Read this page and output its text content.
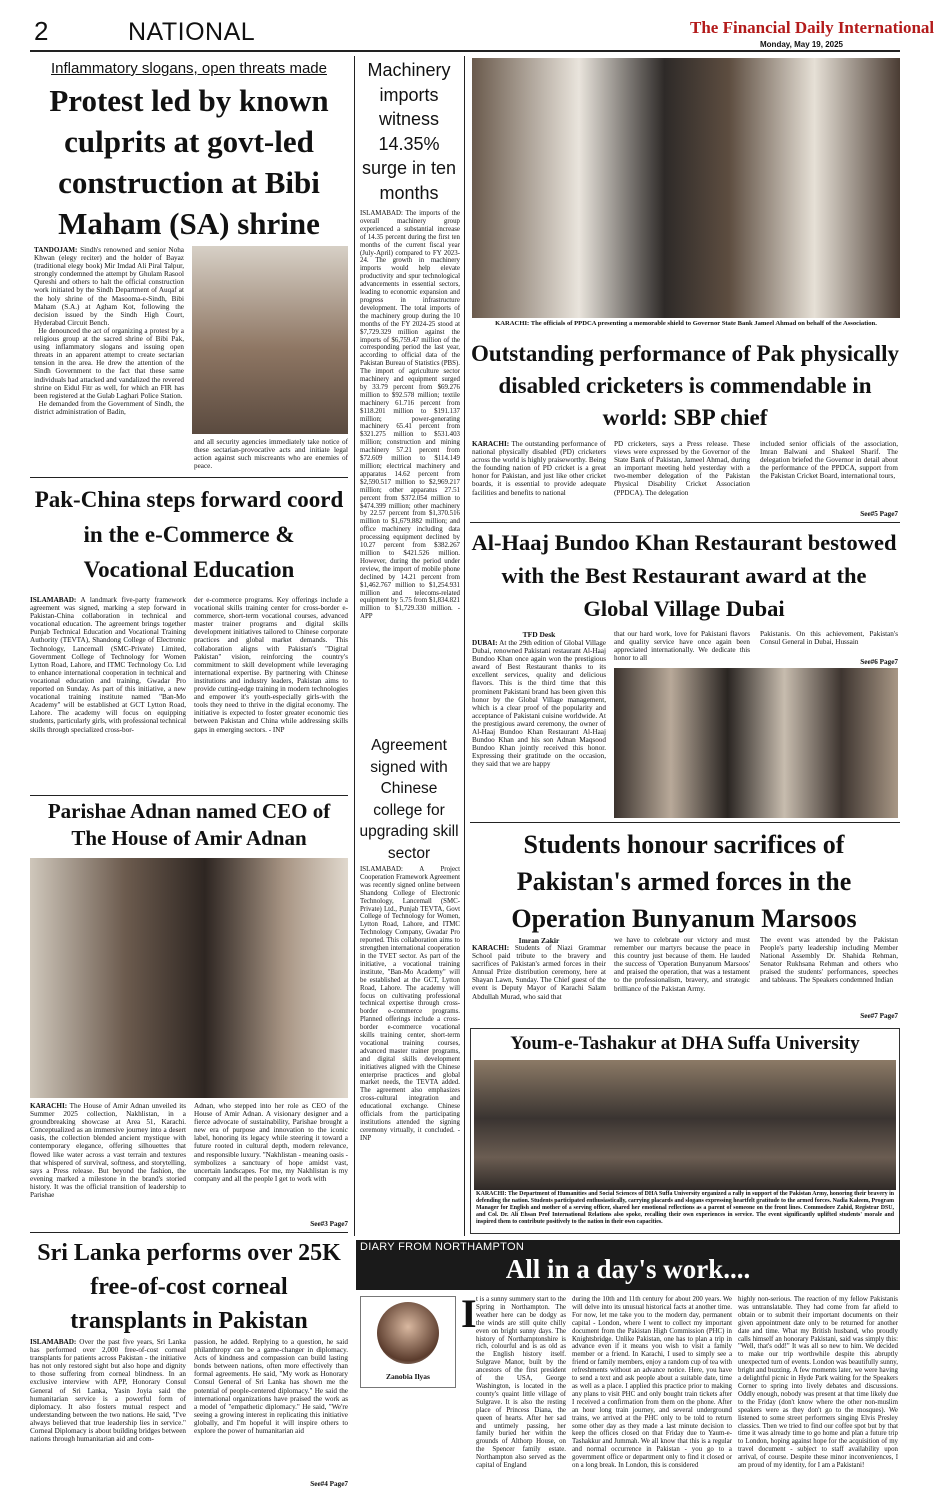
2	NATIONAL	The Financial Daily International
Monday, May 19, 2025
Inflammatory slogans, open threats made
Protest led by known culprits at govt-led construction at Bibi Maham (SA) shrine
TANDOJAM: Sindh's renowned and senior Noha Khwan (elegy reciter) and the holder of Bayaz (traditional elegy book) Mir Imdad Ali Piral Talpur, strongly condemned the attempt by Ghulam Rasool Qureshi and others to halt the official construction work initiated by the Sindh Department of Auqaf at the holy shrine of the Masooma-e-Sindh, Bibi Maham (S.A.) at Agham Kot, following the decision issued by the Sindh High Court, Hyderabad Circuit Bench.
He denounced the act of organizing a protest by a religious group at the sacred shrine of Bibi Pak, using inflammatory slogans and issuing open threats in an apparent attempt to create sectarian tension in the area. He drew the attention of the Sindh Government to the fact that these same individuals had attacked and vandalized the revered shrine on Eidul Fitr as well, for which an FIR has been registered at the Gulab Laghari Police Station.
He demanded from the Government of Sindh, the district administration of Badin,
and all security agencies immediately take notice of these sectarian-provocative acts and initiate legal action against such miscreants who are enemies of peace.
Pak-China steps forward coord in the e-Commerce & Vocational Education
ISLAMABAD: A landmark five-party framework agreement was signed, marking a step forward in Pakistan-China collaboration in technical and vocational education. The agreement brings together Punjab Technical Education and Vocational Training Authority (TEVTA), Shandong College of Electronic Technology, Lancemall (SMC-Private) Limited, Government College of Technology for Women Lytton Road, Lahore, and ITMC Technology Co. Ltd to enhance international cooperation in technical and vocational education and training, Gwadar Pro reported on Sunday. As part of this initiative, a new vocational training institute named "Ban-Mo Academy" will be established at GCT Lytton Road, Lahore. The academy will focus on equipping students, particularly girls, with professional technical skills through specialized cross-bor-
der e-commerce programs. Key offerings include a vocational skills training center for cross-border e-commerce, short-term vocational courses, advanced master trainer programs and digital skills development initiatives tailored to Chinese corporate practices and global market demands. This collaboration aligns with Pakistan's "Digital Pakistan" vision, reinforcing the country's commitment to skill development while leveraging international expertise. By partnering with Chinese institutions and industry leaders, Pakistan aims to provide cutting-edge training in modern technologies and empower it's youth-especially girls-with the tools they need to thrive in the digital economy. The initiative is expected to foster greater economic ties between Pakistan and China while addressing skills gaps in emerging sectors. - INP
Parishae Adnan named CEO of The House of Amir Adnan
KARACHI: The House of Amir Adnan unveiled its Summer 2025 collection, Nakhlistan, in a groundbreaking showcase at Area 51, Karachi. Conceptualized as an immersive journey into a desert oasis, the collection blended ancient mystique with contemporary elegance, offering silhouettes that flowed like water across a vast terrain and textures that whispered of survival, softness, and storytelling, says a Press release. But beyond the fashion, the evening marked a milestone in the brand's storied history. It was the official transition of leadership to Parishae
Adnan, who stepped into her role as CEO of the House of Amir Adnan. A visionary designer and a fierce advocate of sustainability, Parishae brought a new era of purpose and innovation to the iconic label, honoring its legacy while steering it toward a future rooted in cultural depth, modern relevance, and responsible luxury. "Nakhlistan - meaning oasis - symbolizes a sanctuary of hope amidst vast, uncertain landscapes. For me, my Nakhlistan is my company and all the people I get to work with
See#3 Page7
Sri Lanka performs over 25K free-of-cost corneal transplants in Pakistan
ISLAMABAD: Over the past five years, Sri Lanka has performed over 2,000 free-of-cost corneal transplants for patients across Pakistan - the initiative has not only restored sight but also hope and dignity to those suffering from corneal blindness. In an exclusive interview with APP, Honorary Consul General of Sri Lanka, Yasin Joyia said the humanitarian service is a powerful form of diplomacy. It also fosters mutual respect and understanding between the two nations. He said, "I've always believed that true leadership lies in service." Corneal Diplomacy is about building bridges between nations through humanitarian aid and com-
passion, he added. Replying to a question, he said philanthropy can be a game-changer in diplomacy. Acts of kindness and compassion can build lasting bonds between nations, often more effectively than formal agreements. He said, "My work as Honorary Consul General of Sri Lanka has shown me the potential of people-centered diplomacy." He said the international organizations have praised the work as a model of "empathetic diplomacy." He said, "We're seeing a growing interest in replicating this initiative globally, and I'm hopeful it will inspire others to explore the power of humanitarian aid
See#4 Page7
Machinery imports witness 14.35% surge in ten months
ISLAMABAD: The imports of the overall machinery group experienced a substantial increase of 14.35 percent during the first ten months of the current fiscal year (July-April) compared to FY 2023-24. The growth in machinery imports would help elevate productivity and spur technological advancements in essential sectors, leading to economic expansion and progress in infrastructure development. The total imports of the machinery group during the 10 months of the FY 2024-25 stood at $7,729.329 million against the imports of $6,759.47 million of the corresponding period the last year, according to official data of the Pakistan Bureau of Statistics (PBS). The import of agriculture sector machinery and equipment surged by 33.79 percent from $69.276 million to $92.578 million; textile machinery 61.716 percent from $118.201 million to $191.137 million; power-generating machinery 65.41 percent from $321.275 million to $531.403 million; construction and mining machinery 57.21 percent from $72.609 million to $114.149 million; electrical machinery and apparatus 14.62 percent from $2,590.517 million to $2,969.217 million; other apparatus 27.51 percent from $372.054 million to $474.399 million; other machinery by 22.57 percent from $1,370.516 million to $1,679.882 million; and office machinery including data processing equipment declined by 10.27 percent from $382.267 million to $421.526 million. However, during the period under review, the import of mobile phone declined by 14.21 percent from $1,462.767 million to $1,254.931 million and telecoms-related equipment by 5.75 from $1,834.821 million to $1,729.330 million. - APP
Agreement signed with Chinese college for upgrading skill sector
ISLAMABAD: A Project Cooperation Framework Agreement was recently signed online between Shandong College of Electronic Technology, Lancemall (SMC-Private) Ltd., Punjab TEVTA, Govt College of Technology for Women, Lytton Road, Lahore, and ITMC Technology Company, Gwadar Pro reported. This collaboration aims to strengthen international cooperation in the TVET sector. As part of the initiative, a vocational training institute, "Ban-Mo Academy" will be established at the GCT, Lytton Road, Lahore. The academy will focus on cultivating professional technical expertise through cross-border e-commerce programs. Planned offerings include a cross-border e-commerce vocational skills training center, short-term vocational training courses, advanced master trainer programs, and digital skills development initiatives aligned with the Chinese enterprise practices and global market needs, the TEVTA added. The agreement also emphasizes cross-cultural integration and educational exchange. Chinese officials from the participating institutions attended the signing ceremony virtually, it concluded. - INP
KARACHI: The officials of PPDCA presenting a memorable shield to Governor State Bank Jameel Ahmad on behalf of the Association.
Outstanding performance of Pak physically disabled cricketers is commendable in world: SBP chief
KARACHI: The outstanding performance of national physically disabled (PD) cricketers across the world is highly praiseworthy. Being the founding nation of PD cricket is a great honor for Pakistan, and just like other cricket boards, it is essential to provide adequate facilities and benefits to national
PD cricketers, says a Press release. These views were expressed by the Governor of the State Bank of Pakistan, Jameel Ahmad, during an important meeting held yesterday with a two-member delegation of the Pakistan Physical Disability Cricket Association (PPDCA). The delegation
included senior officials of the association, Imran Balwani and Shakeel Sharif. The delegation briefed the Governor in detail about the performance of the PPDCA, support from the Pakistan Cricket Board, international tours,
See#5 Page7
Al-Haaj Bundoo Khan Restaurant bestowed with the Best Restaurant award at the Global Village Dubai
TFD Desk
DUBAI: At the 29th edition of Global Village Dubai, renowned Pakistani restaurant Al-Haaj Bundoo Khan once again won the prestigious award of Best Restaurant thanks to its excellent services, quality and delicious flavors. This is the third time that this prominent Pakistani brand has been given this honor by the Global Village management, which is a clear proof of the popularity and acceptance of Pakistani cuisine worldwide. At the prestigious award ceremony, the owner of Al-Haaj Bundoo Khan Restaurant Al-Haaj Bundoo Khan and his son Adnan Maqsood Bundoo Khan jointly received this honor. Expressing their gratitude on the occasion, they said that we are happy
that our hard work, love for Pakistani flavors and quality service have once again been appreciated internationally. We dedicate this honor to all
Pakistanis. On this achievement, Pakistan's Consul General in Dubai, Hussain
See#6 Page7
Students honour sacrifices of Pakistan's armed forces in the Operation Bunyanum Marsoos
Imran Zakir
KARACHI: Students of Niazi Grammar School paid tribute to the bravery and sacrifices of Pakistan's armed forces in their Annual Prize distribution ceremony, here at Shayan Lawn, Sunday. The Chief guest of the event is Deputy Mayor of Karachi Salam Abdullah Murad, who said that
we have to celebrate our victory and must remember our martyrs because the peace in this country just because of them. He lauded the success of 'Operation Bunyanum Marsoos' and praised the operation, that was a testament to the professionalism, bravery, and strategic brilliance of the Pakistan Army.
The event was attended by the Pakistan People's party leadership including Member National Assembly Dr. Shahida Rehman, Senator Rukhsana Rehman and others who praised the students' performances, speeches and tableaus. The Speakers condemned Indian
See#7 Page7
Youm-e-Tashakur at DHA Suffa University
KARACHI: The Department of Humanities and Social Sciences of DHA Suffa University organized a rally in support of the Pakistan Army, honoring their bravery in defending the nation. Students participated enthusiastically, carrying placards and slogans expressing heartfelt gratitude to the armed forces. Nadia Kaleem, Program Manager for English and mother of a serving officer, shared her emotional reflections as a parent of someone on the front lines. Commodore Zahid, Registrar DSU, and Col. Dr. Ali Ehsan Prof International Relations also spoke, recalling their own experiences in service. The event significantly uplifted students' morale and inspired them to contribute positively to the nation in their own capacities.
DIARY FROM NORTHAMPTON
All in a day's work....
Zanobia Ilyas
I t is a sunny summery start to the Spring in Northampton. The weather here can be dodgy as the winds are still quite chilly even on bright sunny days. The history of Northamptonshire is rich, colourful and is as old as the English history itself. Sulgrave Manor, built by the ancestors of the first president of the USA, George Washington, is located in the county's quaint little village of Sulgrave. It is also the resting place of Princess Diana, the queen of hearts. After her sad and untimely passing, her family buried her within the grounds of Althorp House, on the Spencer family estate. Northampton also served as the capital of England
during the 10th and 11th century for about 200 years. We will delve into its unusual historical facts at another time. For now, let me take you to the modern day, permanent capital - London, where I went to collect my important document from the Pakistan High Commission (PHC) in Knightsbridge. Unlike Pakistan, one has to plan a trip in advance even if it means you wish to visit a family member or a friend. In Karachi, I used to simply see a friend or family members, enjoy a random cup of tea with refreshments without an advance notice. Here, you have to send a text and ask people about a suitable date, time as well as a place. I applied this practice prior to making any plans to visit PHC and only bought train tickets after I received a confirmation from them on the phone. After an hour long train journey, and several underground trains, we arrived at the PHC only to be told to return some other day as they made a last minute decision to keep the offices closed on that Friday due to Yaum-e-Tashakkur and Jummah. We all know that this is a regular and normal occurrence in Pakistan - you go to a government office or department only to find it closed or on a long break. In London, this is considered
highly non-serious. The reaction of my fellow Pakistanis was untranslatable. They had come from far afield to obtain or to submit their important documents on their given appointment date only to be returned for another date and time. What my British husband, who proudly calls himself an honorary Pakistani, said was simply this: "Well, that's odd!" It was all so new to him. We decided to make our trip worthwhile despite this abruptly unexpected turn of events. London was beautifully sunny, bright and buzzing. A few moments later, we were having a delightful picnic in Hyde Park waiting for the Speakers Corner to spring into lively debates and discussions. Oddly enough, nobody was present at that time likely due to the Friday (don't know where the other non-muslim speakers were as they don't go to the mosques). We listened to some street performers singing Elvis Presley classics. Then we tried to find our coffee spot but by that time it was already time to go home and plan a future trip to London, hoping against hope for the acquisition of my travel document - subject to staff availability upon arrival, of course. Despite these minor inconveniences, I am proud of my identity, for I am a Pakistani!
